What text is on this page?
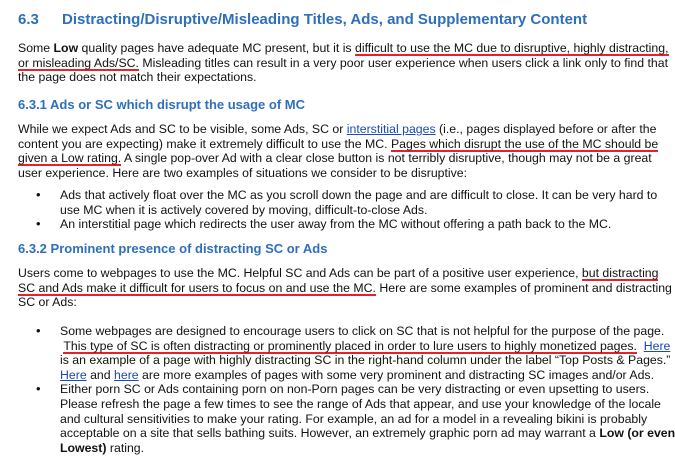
6.3 Distracting/Disruptive/Misleading Titles, Ads, and Supplementary Content

Some Low quality pages have adequate MC present, but it is difficult to use the MC due to disruptive, highly distracting,
or misleading Ads/SC. Misleading titles can result in a very poor user experience when users click a link only to find that
the page does not match their expectations.

6.3.1 Ads or SC which disrupt the usage of MC

While we expect Ads and SC to be visible, some Ads, SC or interstitial pages (i.e., pages displayed before or after the
content you are expecting) make it extremely difficult to use the MC. Pages which disrupt the use of the MC should be
given a Low rating. A single pop-over Ad with a clear close button is not terribly disruptive, though may not be a great
user experience. Here are two examples of situations we consider to be disruptive:

• Ads that actively float over the MC as you scroll down the page and are difficult to close. It can be very hard to
use MC when it is actively covered by moving, difficult-to-close Ads.
• An interstitial page which redirects the user away from the MC without offering a path back to the MC.
6.3.2 Prominent presence of distracting SC or Ads

Users come to webpages to use the MC. Helpful SC and Ads can be part of a positive user experience, but distracting
SC and Ads make it difficult for users to focus on and use the MC. Here are some examples of prominent and distracting
SC or Ads:

• Some webpages are designed to encourage users to click on SC that is not helpful for the purpose of the page.
This type of SC is often distracting or prominently placed in order to lure users to highly monetized pages. Here
is an example of a page with highly distracting SC in the right-hand column under the label “Top Posts & Pages.”
Here and here are more examples of pages with some very prominent and distracting SC images and/or Ads.
• Either porn SC or Ads containing porn on non-Porn pages can be very distracting or even upsetting to users.
Please refresh the page a few times to see the range of Ads that appear, and use your knowledge of the locale
and cultural sensitivities to make your rating. For example, an ad for a model in a revealing bikini is probably
acceptable on a site that sells bathing suits. However, an extremely graphic porn ad may warrant a Low (or even
Lowest) rating.
